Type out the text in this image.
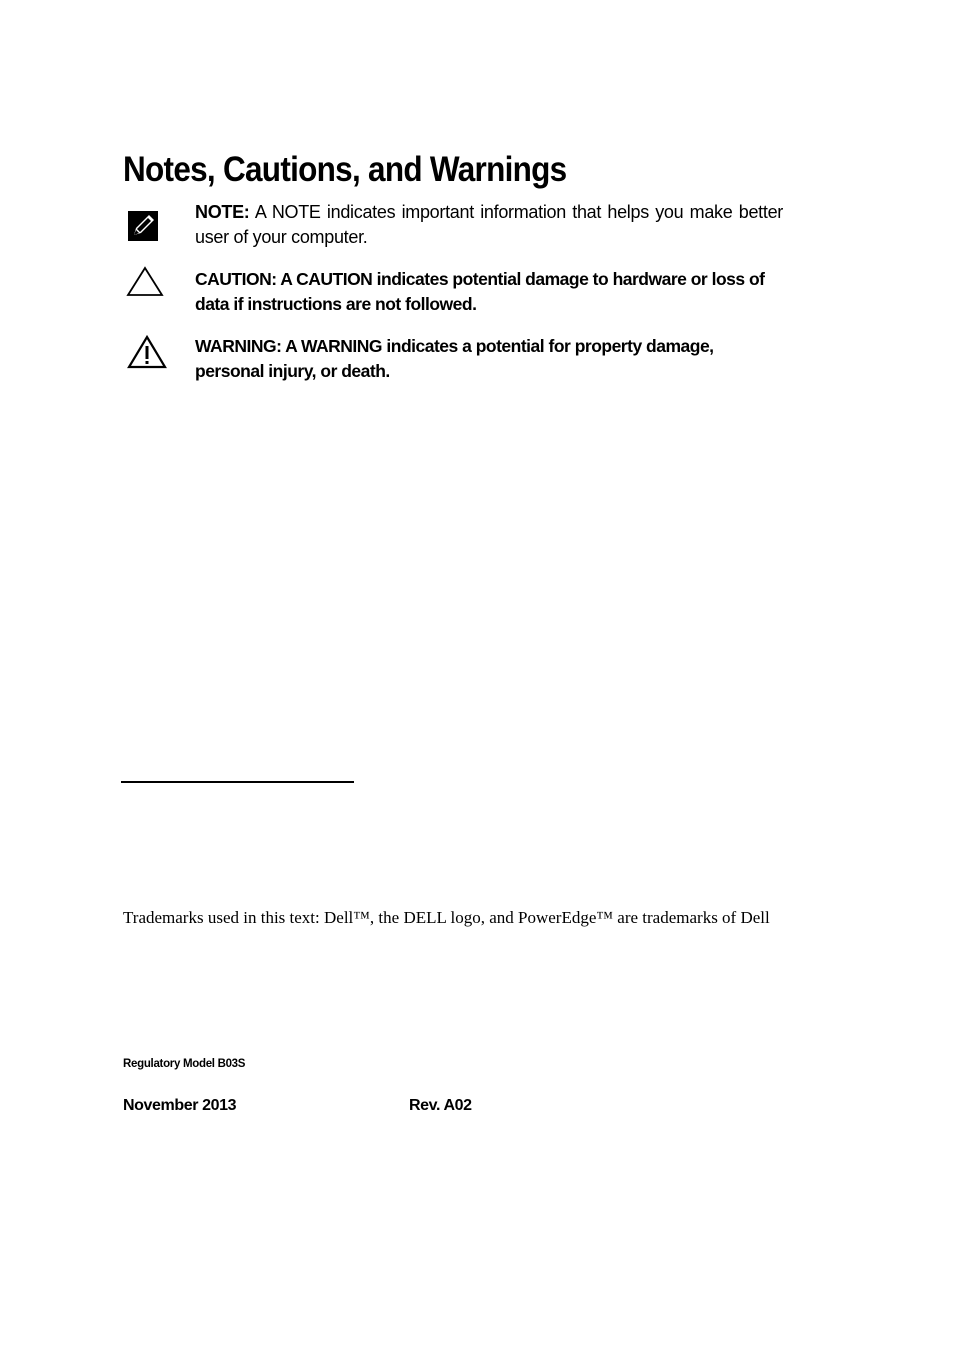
Notes, Cautions, and Warnings
NOTE: A NOTE indicates important information that helps you make better user of your computer.
CAUTION: A CAUTION indicates potential damage to hardware or loss of data if instructions are not followed.
WARNING: A WARNING indicates a potential for property damage, personal injury, or death.
Trademarks used in this text: Dell™, the DELL logo, and PowerEdge™ are trademarks of Dell
Regulatory Model B03S
November 2013	Rev. A02
